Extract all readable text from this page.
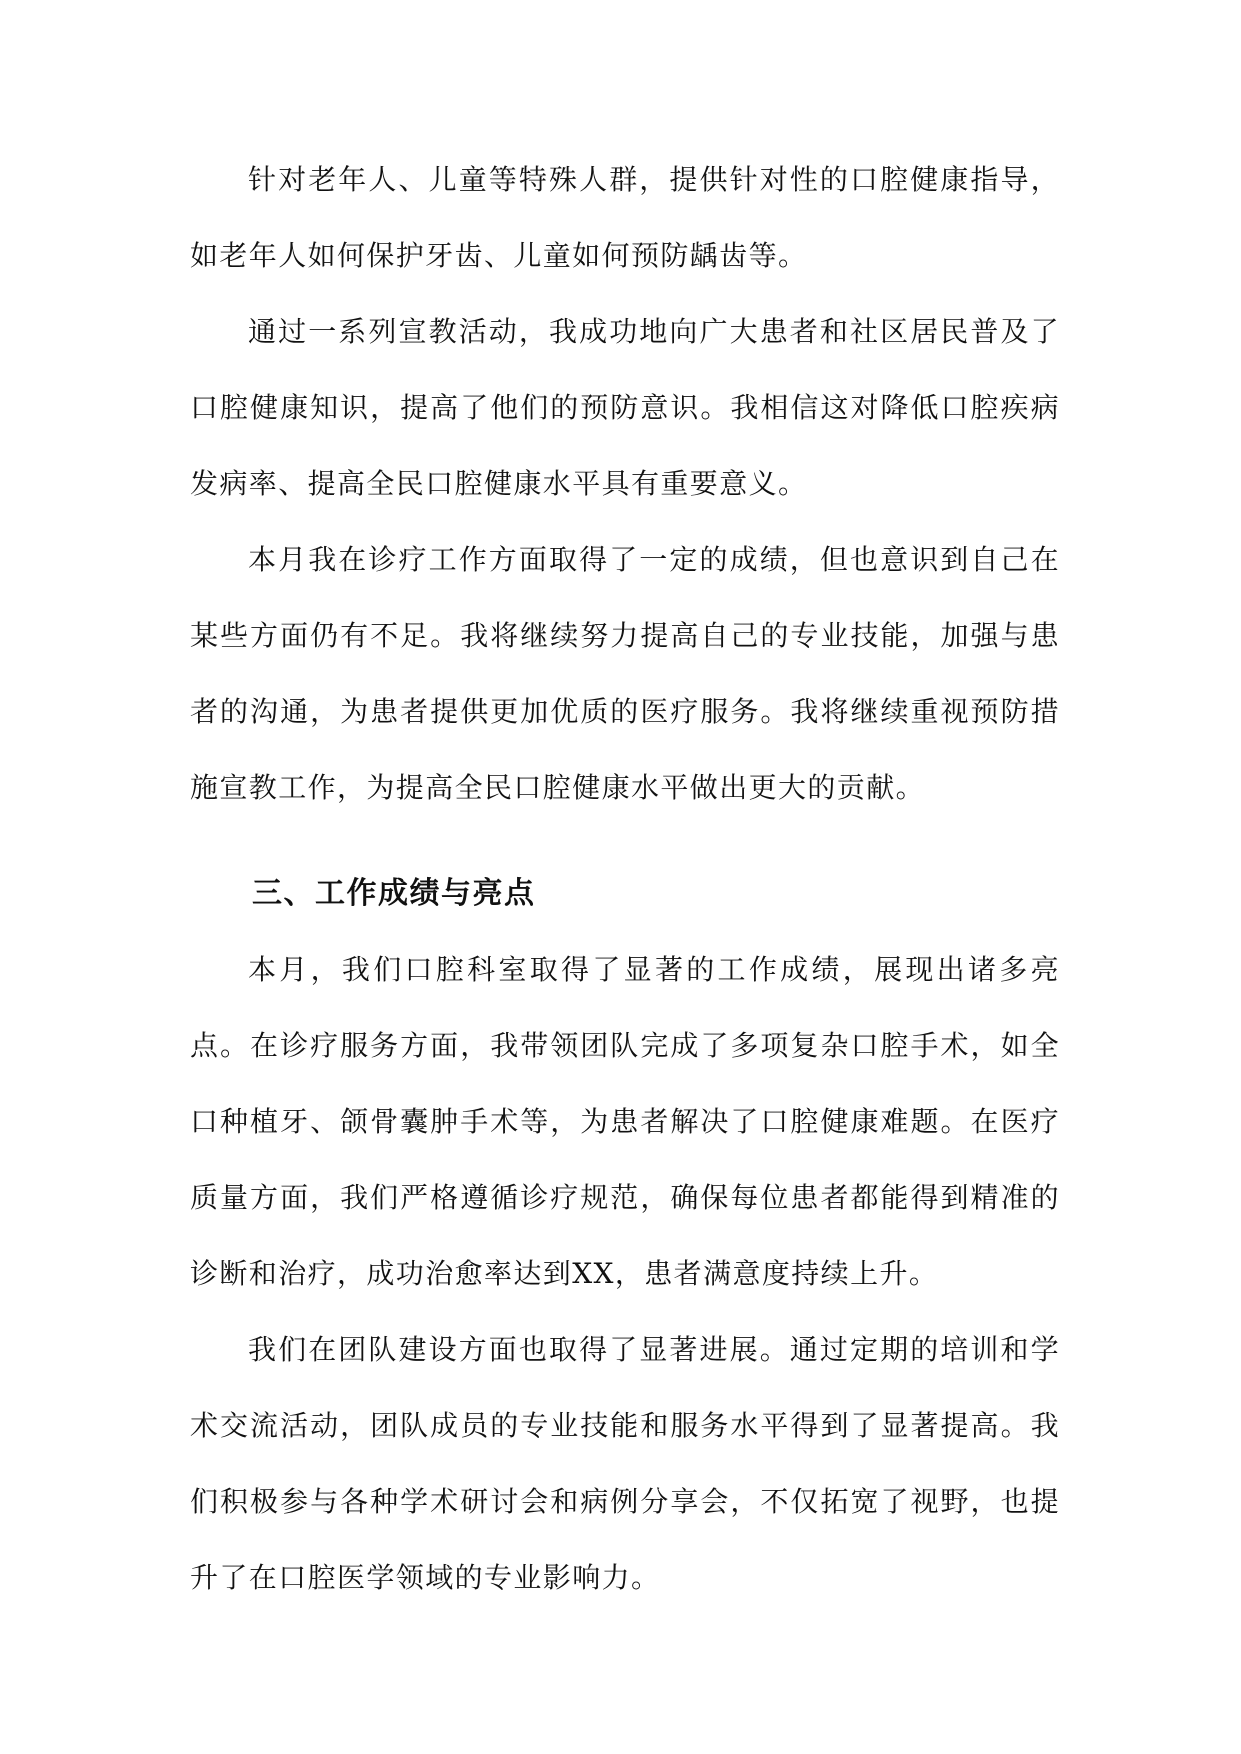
针对老年人、儿童等特殊人群，提供针对性的口腔健康指导，如老年人如何保护牙齿、儿童如何预防龋齿等。

通过一系列宣教活动，我成功地向广大患者和社区居民普及了口腔健康知识，提高了他们的预防意识。我相信这对降低口腔疾病发病率、提高全民口腔健康水平具有重要意义。

本月我在诊疗工作方面取得了一定的成绩，但也意识到自己在某些方面仍有不足。我将继续努力提高自己的专业技能，加强与患者的沟通，为患者提供更加优质的医疗服务。我将继续重视预防措施宣教工作，为提高全民口腔健康水平做出更大的贡献。

三、工作成绩与亮点

本月，我们口腔科室取得了显著的工作成绩，展现出诸多亮点。在诊疗服务方面，我带领团队完成了多项复杂口腔手术，如全口种植牙、颌骨囊肿手术等，为患者解决了口腔健康难题。在医疗质量方面，我们严格遵循诊疗规范，确保每位患者都能得到精准的诊断和治疗，成功治愈率达到XX，患者满意度持续上升。

我们在团队建设方面也取得了显著进展。通过定期的培训和学术交流活动，团队成员的专业技能和服务水平得到了显著提高。我们积极参与各种学术研讨会和病例分享会，不仅拓宽了视野，也提升了在口腔医学领域的专业影响力。
